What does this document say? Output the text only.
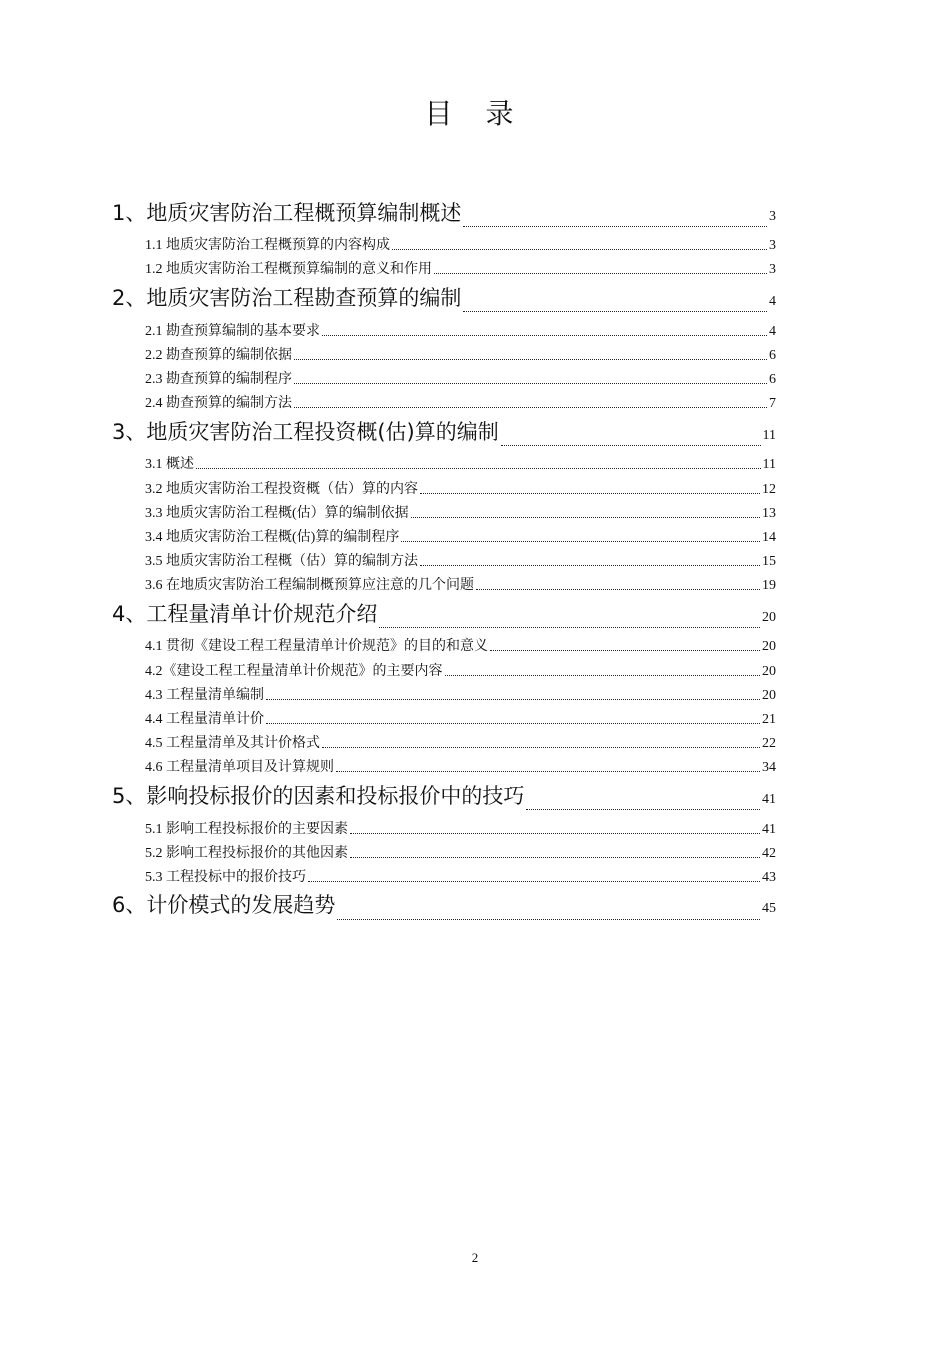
目 录
1、地质灾害防治工程概预算编制概述	3
1.1 地质灾害防治工程概预算的内容构成	3
1.2 地质灾害防治工程概预算编制的意义和作用	3
2、地质灾害防治工程勘查预算的编制	4
2.1 勘查预算编制的基本要求	4
2.2 勘查预算的编制依据	6
2.3 勘查预算的编制程序	6
2.4 勘查预算的编制方法	7
3、地质灾害防治工程投资概(估)算的编制	11
3.1 概述	11
3.2 地质灾害防治工程投资概（估）算的内容	12
3.3 地质灾害防治工程概(估）算的编制依据	13
3.4 地质灾害防治工程概(估)算的编制程序	14
3.5 地质灾害防治工程概（估）算的编制方法	15
3.6 在地质灾害防治工程编制概预算应注意的几个问题	19
4、工程量清单计价规范介绍	20
4.1 贯彻《建设工程工程量清单计价规范》的目的和意义	20
4.2《建设工程工程量清单计价规范》的主要内容	20
4.3 工程量清单编制	20
4.4 工程量清单计价	21
4.5 工程量清单及其计价格式	22
4.6 工程量清单项目及计算规则	34
5、影响投标报价的因素和投标报价中的技巧	41
5.1 影响工程投标报价的主要因素	41
5.2 影响工程投标报价的其他因素	42
5.3 工程投标中的报价技巧	43
6、计价模式的发展趋势	45
2
